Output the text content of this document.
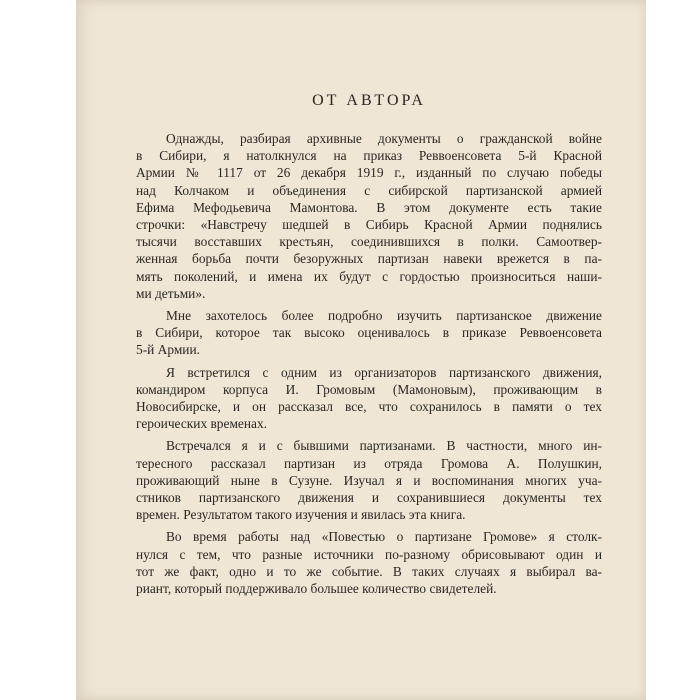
ОТ АВТОРА
Однажды, разбирая архивные документы о гражданской войне
в Сибири, я натолкнулся на приказ Реввоенсовета 5-й Красной
Армии № 1117 от 26 декабря 1919 г., изданный по случаю победы
над Колчаком и объединения с сибирской партизанской армией
Ефима Мефодьевича Мамонтова. В этом документе есть такие
строчки: «Навстречу шедшей в Сибирь Красной Армии поднялись
тысячи восставших крестьян, соединившихся в полки. Самоотвер-
женная борьба почти безоружных партизан навеки врежется в па-
мять поколений, и имена их будут с гордостью произноситься наши-
ми детьми».
Мне захотелось более подробно изучить партизанское движение
в Сибири, которое так высоко оценивалось в приказе Реввоенсовета
5-й Армии.
Я встретился с одним из организаторов партизанского движения,
командиром корпуса И. Громовым (Мамоновым), проживающим в
Новосибирске, и он рассказал все, что сохранилось в памяти о тех
героических временах.
Встречался я и с бывшими партизанами. В частности, много ин-
тересного рассказал партизан из отряда Громова А. Полушкин,
проживающий ныне в Сузуне. Изучал я и воспоминания многих уча-
стников партизанского движения и сохранившиеся документы тех
времен. Результатом такого изучения и явилась эта книга.
Во время работы над «Повестью о партизане Громове» я столк-
нулся с тем, что разные источники по-разному обрисовывают один и
тот же факт, одно и то же событие. В таких случаях я выбирал ва-
риант, который поддерживало большее количество свидетелей.
